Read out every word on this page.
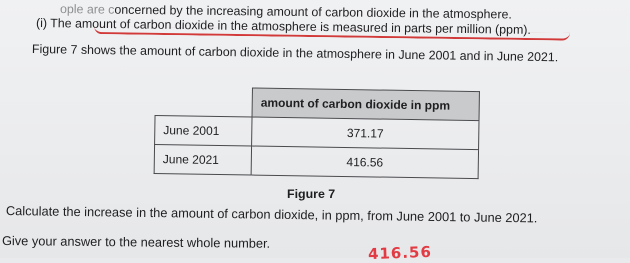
ople are concerned by the increasing amount of carbon dioxide in the atmosphere.
(i) The amount of carbon dioxide in the atmosphere is measured in parts per million (ppm).
Figure 7 shows the amount of carbon dioxide in the atmosphere in June 2001 and in June 2021.
	amount of carbon dioxide in ppm
June 2001	371.17
June 2021	416.56
Figure 7
Calculate the increase in the amount of carbon dioxide, in ppm, from June 2001 to June 2021.
Give your answer to the nearest whole number.
416.56
